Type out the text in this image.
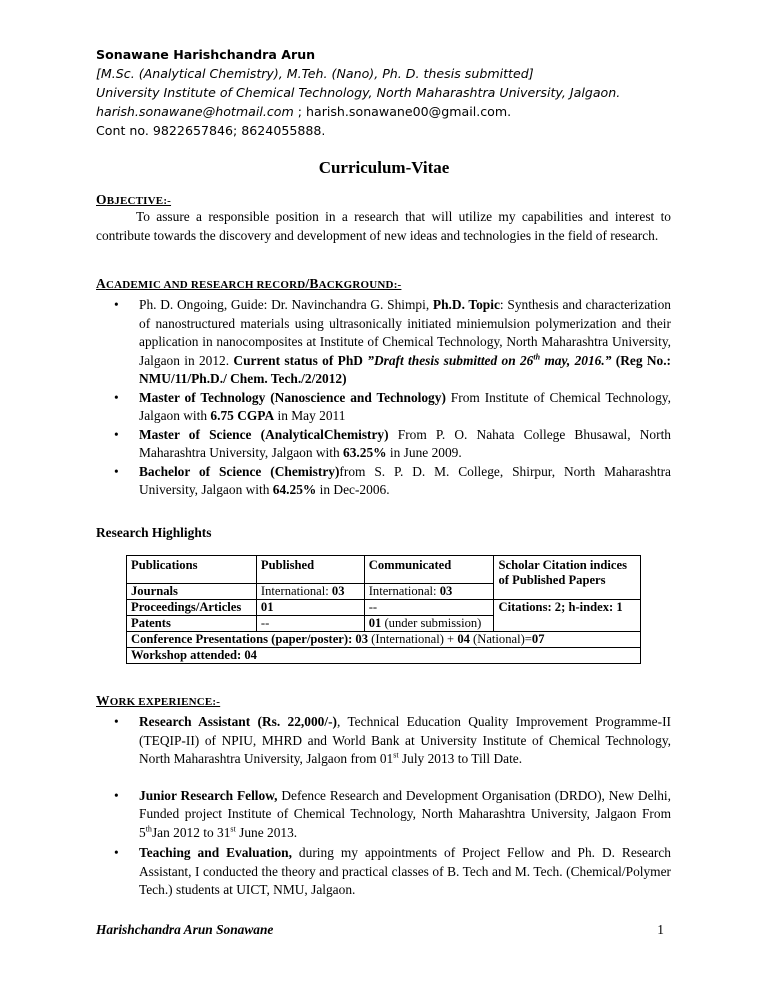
Sonawane Harishchandra Arun
[M.Sc. (Analytical Chemistry), M.Teh. (Nano), Ph. D. thesis submitted]
University Institute of Chemical Technology, North Maharashtra University, Jalgaon.
harish.sonawane@hotmail.com ; harish.sonawane00@gmail.com.
Cont no. 9822657846; 8624055888.
Curriculum-Vitae
OBJECTIVE:-
To assure a responsible position in a research that will utilize my capabilities and interest to contribute towards the discovery and development of new ideas and technologies in the field of research.
ACADEMIC AND RESEARCH RECORD/BACKGROUND:-
• Ph. D. Ongoing, Guide: Dr. Navinchandra G. Shimpi, Ph.D. Topic: Synthesis and characterization of nanostructured materials using ultrasonically initiated miniemulsion polymerization and their application in nanocomposites at Institute of Chemical Technology, North Maharashtra University, Jalgaon in 2012. Current status of PhD ”Draft thesis submitted on 26th may, 2016.” (Reg No.: NMU/11/Ph.D./ Chem. Tech./2/2012)
• Master of Technology (Nanoscience and Technology) From Institute of Chemical Technology, Jalgaon with 6.75 CGPA in May 2011
• Master of Science (AnalyticalChemistry) From P. O. Nahata College Bhusawal, North Maharashtra University, Jalgaon with 63.25% in June 2009.
• Bachelor of Science (Chemistry)from S. P. D. M. College, Shirpur, North Maharashtra University, Jalgaon with 64.25% in Dec-2006.
Research Highlights
Publications	Published	Communicated	Scholar Citation indices of Published Papers
Journals	International: 03	International: 03	
Proceedings/Articles	01	--	Citations: 2; h-index: 1
Patents	--	01 (under submission)	
Conference Presentations (paper/poster): 03 (International) + 04 (National)=07			
Workshop attended: 04			
WORK EXPERIENCE:-
• Research Assistant (Rs. 22,000/-), Technical Education Quality Improvement Programme-II (TEQIP-II) of NPIU, MHRD and World Bank at University Institute of Chemical Technology, North Maharashtra University, Jalgaon from 01st July 2013 to Till Date.
• Junior Research Fellow, Defence Research and Development Organisation (DRDO), New Delhi, Funded project Institute of Chemical Technology, North Maharashtra University, Jalgaon From 5thJan 2012 to 31st June 2013.
• Teaching and Evaluation, during my appointments of Project Fellow and Ph. D. Research Assistant, I conducted the theory and practical classes of B. Tech and M. Tech. (Chemical/Polymer Tech.) students at UICT, NMU, Jalgaon.
Harishchandra Arun Sonawane	1
